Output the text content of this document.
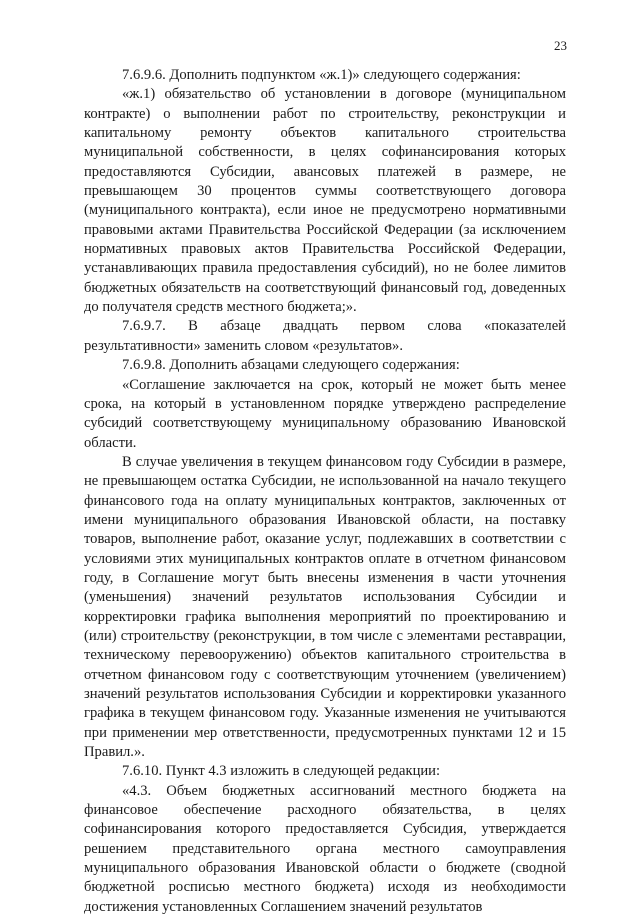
23

7.6.9.6. Дополнить подпунктом «ж.1)» следующего содержания:

«ж.1) обязательство об установлении в договоре (муниципальном контракте) о выполнении работ по строительству, реконструкции и капитальному ремонту объектов капитального строительства муниципальной собственности, в целях софинансирования которых предоставляются Субсидии, авансовых платежей в размере, не превышающем 30 процентов суммы соответствующего договора (муниципального контракта), если иное не предусмотрено нормативными правовыми актами Правительства Российской Федерации (за исключением нормативных правовых актов Правительства Российской Федерации, устанавливающих правила предоставления субсидий), но не более лимитов бюджетных обязательств на соответствующий финансовый год, доведенных до получателя средств местного бюджета;».

7.6.9.7. В абзаце двадцать первом слова «показателей результативности» заменить словом «результатов».

7.6.9.8. Дополнить абзацами следующего содержания:

«Соглашение заключается на срок, который не может быть менее срока, на который в установленном порядке утверждено распределение субсидий соответствующему муниципальному образованию Ивановской области.

В случае увеличения в текущем финансовом году Субсидии в размере, не превышающем остатка Субсидии, не использованной на начало текущего финансового года на оплату муниципальных контрактов, заключенных от имени муниципального образования Ивановской области, на поставку товаров, выполнение работ, оказание услуг, подлежавших в соответствии с условиями этих муниципальных контрактов оплате в отчетном финансовом году, в Соглашение могут быть внесены изменения в части уточнения (уменьшения) значений результатов использования Субсидии и корректировки графика выполнения мероприятий по проектированию и (или) строительству (реконструкции, в том числе с элементами реставрации, техническому перевооружению) объектов капитального строительства в отчетном финансовом году с соответствующим уточнением (увеличением) значений результатов использования Субсидии и корректировки указанного графика в текущем финансовом году. Указанные изменения не учитываются при применении мер ответственности, предусмотренных пунктами 12 и 15 Правил.».

7.6.10. Пункт 4.3 изложить в следующей редакции:

«4.3. Объем бюджетных ассигнований местного бюджета на финансовое обеспечение расходного обязательства, в целях софинансирования которого предоставляется Субсидия, утверждается решением представительного органа местного самоуправления муниципального образования Ивановской области о бюджете (сводной бюджетной росписью местного бюджета) исходя из необходимости достижения установленных Соглашением значений результатов
